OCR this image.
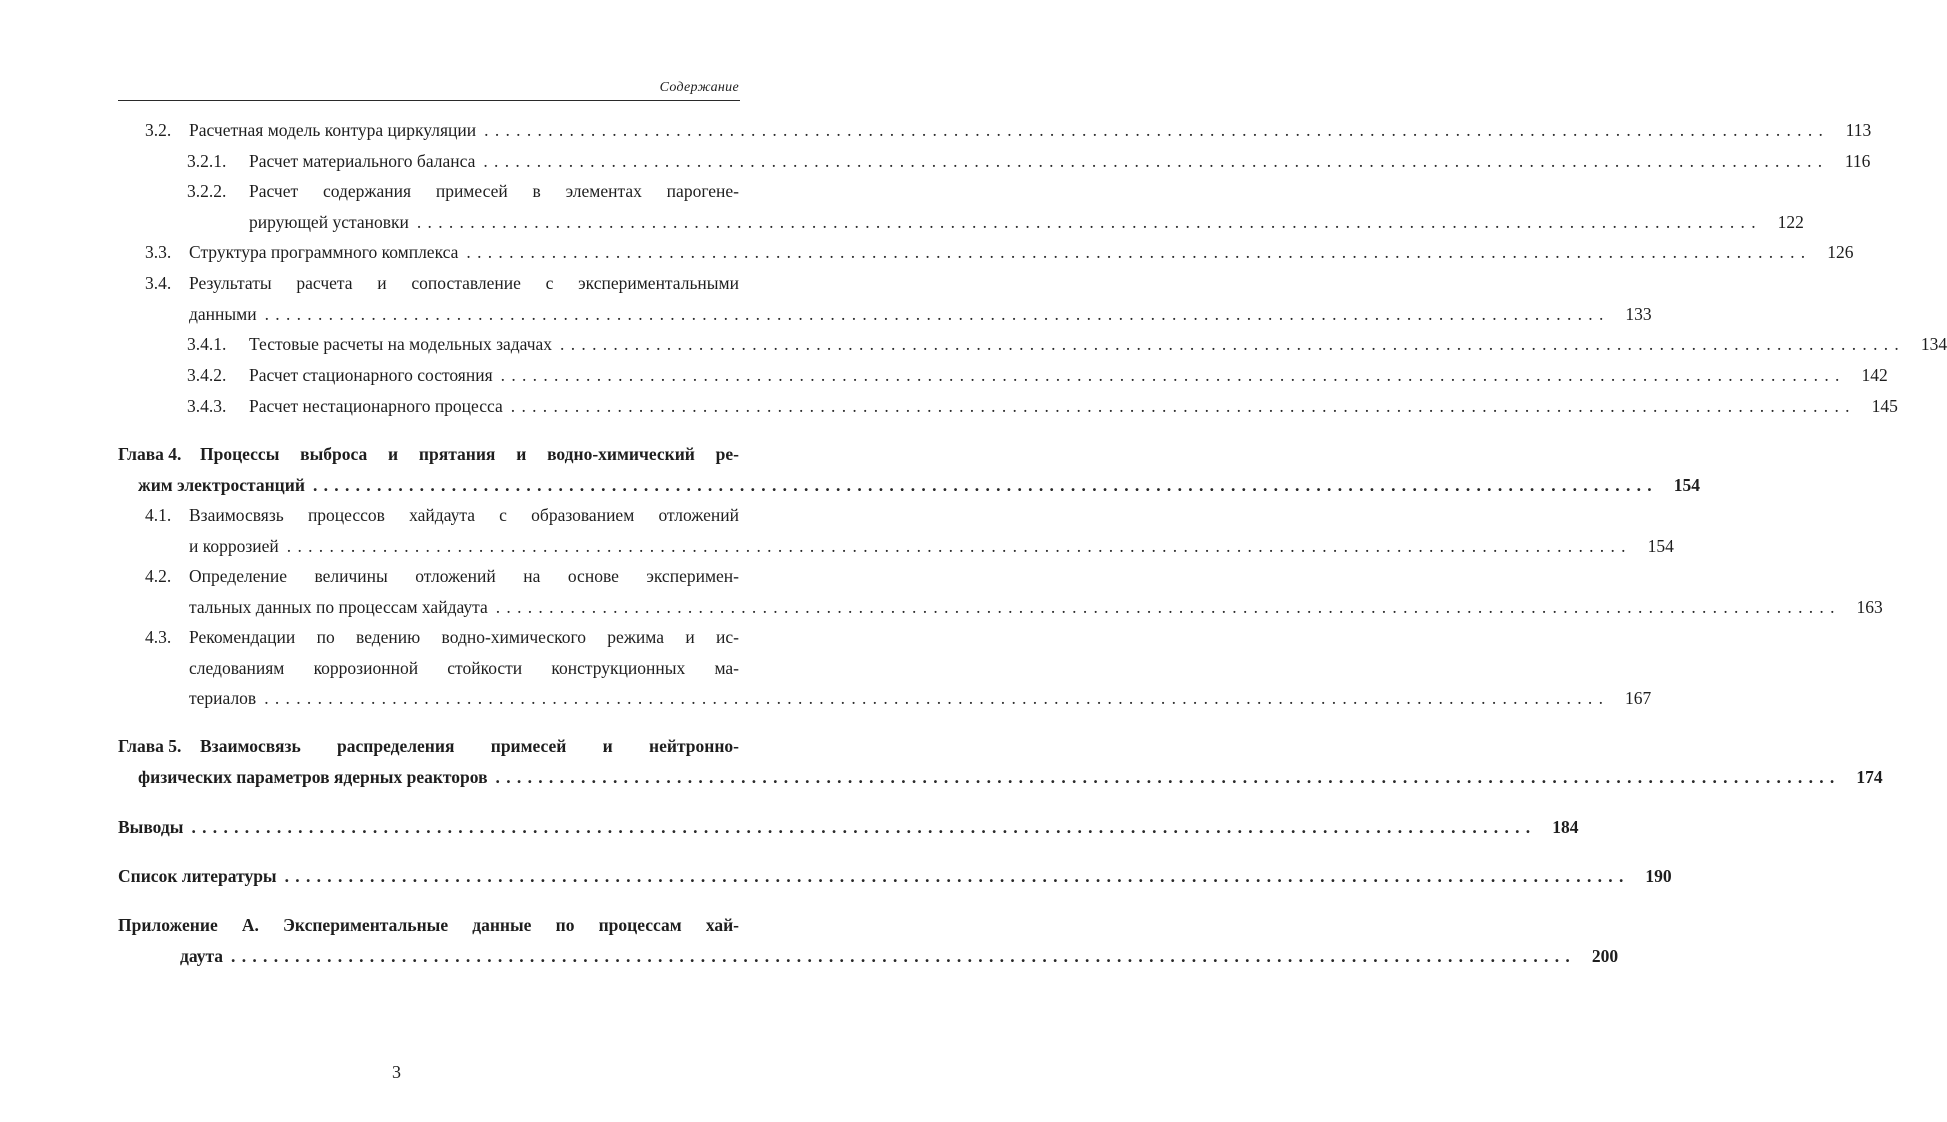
Содержание
3.2. Расчетная модель контура циркуляции .............................................................................................................................. 113
3.2.1. Расчет материального баланса .............................................................................................................................. 116
3.2.2. Расчет содержания примесей в элементах парогене-
рирующей установки .............................................................................................................................. 122
3.3. Структура программного комплекса .............................................................................................................................. 126
3.4. Результаты расчета и сопоставление с экспериментальными
данными .............................................................................................................................. 133
3.4.1. Тестовые расчеты на модельных задачах .............................................................................................................................. 134
3.4.2. Расчет стационарного состояния .............................................................................................................................. 142
3.4.3. Расчет нестационарного процесса .............................................................................................................................. 145
Глава 4. Процессы выброса и прятания и водно-химический ре-
жим электростанций .............................................................................................................................. 154
4.1. Взаимосвязь процессов хайдаута с образованием отложений
и коррозией .............................................................................................................................. 154
4.2. Определение величины отложений на основе эксперимен-
тальных данных по процессам хайдаута .............................................................................................................................. 163
4.3. Рекомендации по ведению водно-химического режима и ис-
следованиям коррозионной стойкости конструкционных ма-
териалов .............................................................................................................................. 167
Глава 5. Взаимосвязь распределения примесей и нейтронно-
физических параметров ядерных реакторов .............................................................................................................................. 174
Выводы .............................................................................................................................. 184
Список литературы .............................................................................................................................. 190
Приложение А. Экспериментальные данные по процессам хай-
даута .............................................................................................................................. 200
3
